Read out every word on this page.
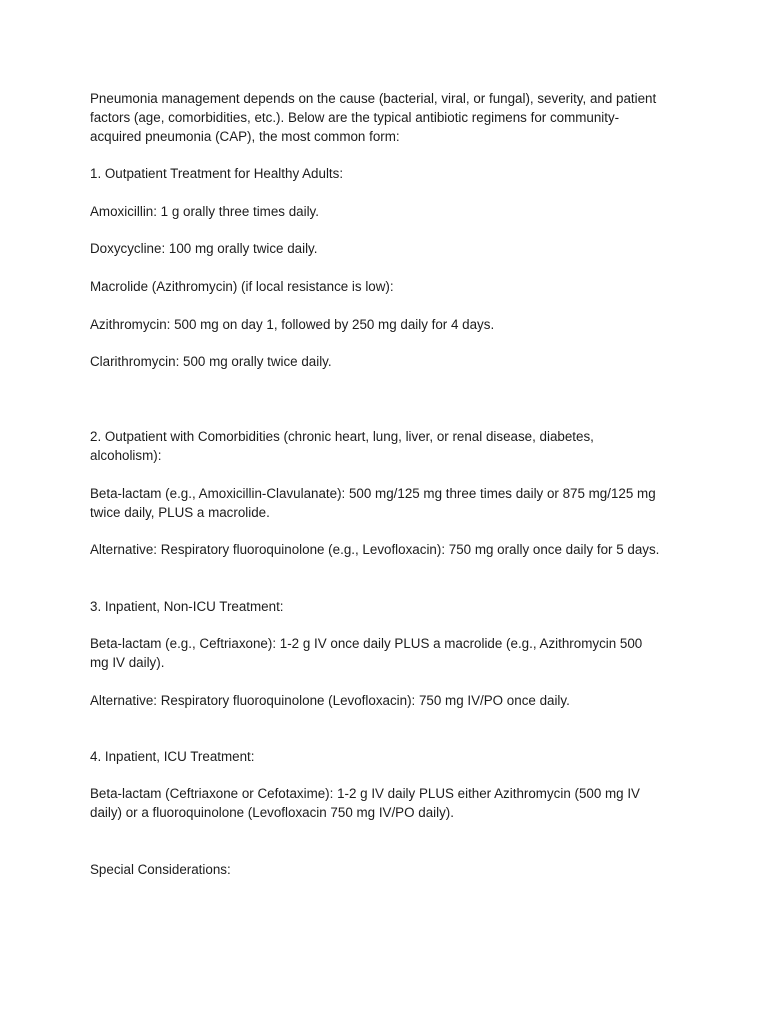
Pneumonia management depends on the cause (bacterial, viral, or fungal), severity, and patient
factors (age, comorbidities, etc.). Below are the typical antibiotic regimens for community-
acquired pneumonia (CAP), the most common form:

1. Outpatient Treatment for Healthy Adults:

Amoxicillin: 1 g orally three times daily.

Doxycycline: 100 mg orally twice daily.

Macrolide (Azithromycin) (if local resistance is low):

Azithromycin: 500 mg on day 1, followed by 250 mg daily for 4 days.

Clarithromycin: 500 mg orally twice daily.

2. Outpatient with Comorbidities (chronic heart, lung, liver, or renal disease, diabetes,
alcoholism):

Beta-lactam (e.g., Amoxicillin-Clavulanate): 500 mg/125 mg three times daily or 875 mg/125 mg
twice daily, PLUS a macrolide.

Alternative: Respiratory fluoroquinolone (e.g., Levofloxacin): 750 mg orally once daily for 5 days.

3. Inpatient, Non-ICU Treatment:

Beta-lactam (e.g., Ceftriaxone): 1-2 g IV once daily PLUS a macrolide (e.g., Azithromycin 500
mg IV daily).

Alternative: Respiratory fluoroquinolone (Levofloxacin): 750 mg IV/PO once daily.

4. Inpatient, ICU Treatment:

Beta-lactam (Ceftriaxone or Cefotaxime): 1-2 g IV daily PLUS either Azithromycin (500 mg IV
daily) or a fluoroquinolone (Levofloxacin 750 mg IV/PO daily).

Special Considerations:
